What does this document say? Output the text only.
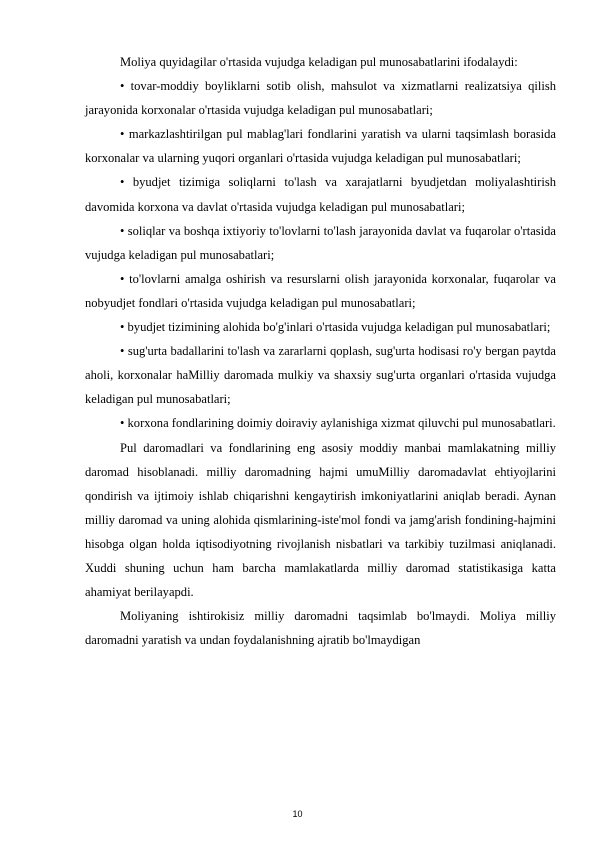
Moliya quyidagilar o'rtasida vujudga keladigan pul munosabatlarini ifodalaydi:

• tovar-moddiy boyliklarni sotib olish, mahsulot va xizmatlarni realizatsiya qilish jarayonida korxonalar o'rtasida vujudga keladigan pul munosabatlari;

• markazlashtirilgan pul mablag'lari fondlarini yaratish va ularni taqsimlash borasida korxonalar va ularning yuqori organlari o'rtasida vujudga keladigan pul munosabatlari;

• byudjet tizimiga soliqlarni to'lash va xarajatlarni byudjetdan moliyalashtirish davomida korxona va davlat o'rtasida vujudga keladigan pul munosabatlari;

• soliqlar va boshqa ixtiyoriy to'lovlarni to'lash jarayonida davlat va fuqarolar o'rtasida vujudga keladigan pul munosabatlari;

• to'lovlarni amalga oshirish va resurslarni olish jarayonida korxonalar, fuqarolar va nobyudjet fondlari o'rtasida vujudga keladigan pul munosabatlari;

• byudjet tizimining alohida bo'g'inlari o'rtasida vujudga keladigan pul munosabatlari;

• sug'urta badallarini to'lash va zararlarni qoplash, sug'urta hodisasi ro'y bergan paytda aholi, korxonalar haMilliy daromada mulkiy va shaxsiy sug'urta organlari o'rtasida vujudga keladigan pul munosabatlari;

• korxona fondlarining doimiy doiraviy aylanishiga xizmat qiluvchi pul munosabatlari.

Pul daromadlari va fondlarining eng asosiy moddiy manbai mamlakatning milliy daromad hisoblanadi. milliy daromadning hajmi umuMilliy daromadavlat ehtiyojlarini qondirish va ijtimoiy ishlab chiqarishni kengaytirish imkoniyatlarini aniqlab beradi. Aynan milliy daromad va uning alohida qismlarining-iste'mol fondi va jamg'arish fondining-hajmini hisobga olgan holda iqtisodiyotning rivojlanish nisbatlari va tarkibiy tuzilmasi aniqlanadi. Xuddi shuning uchun ham barcha mamlakatlarda milliy daromad statistikasiga katta ahamiyat berilayapdi.

Moliyaning ishtirokisiz milliy daromadni taqsimlab bo'lmaydi. Moliya milliy daromadni yaratish va undan foydalanishning ajratib bo'lmaydigan

10
